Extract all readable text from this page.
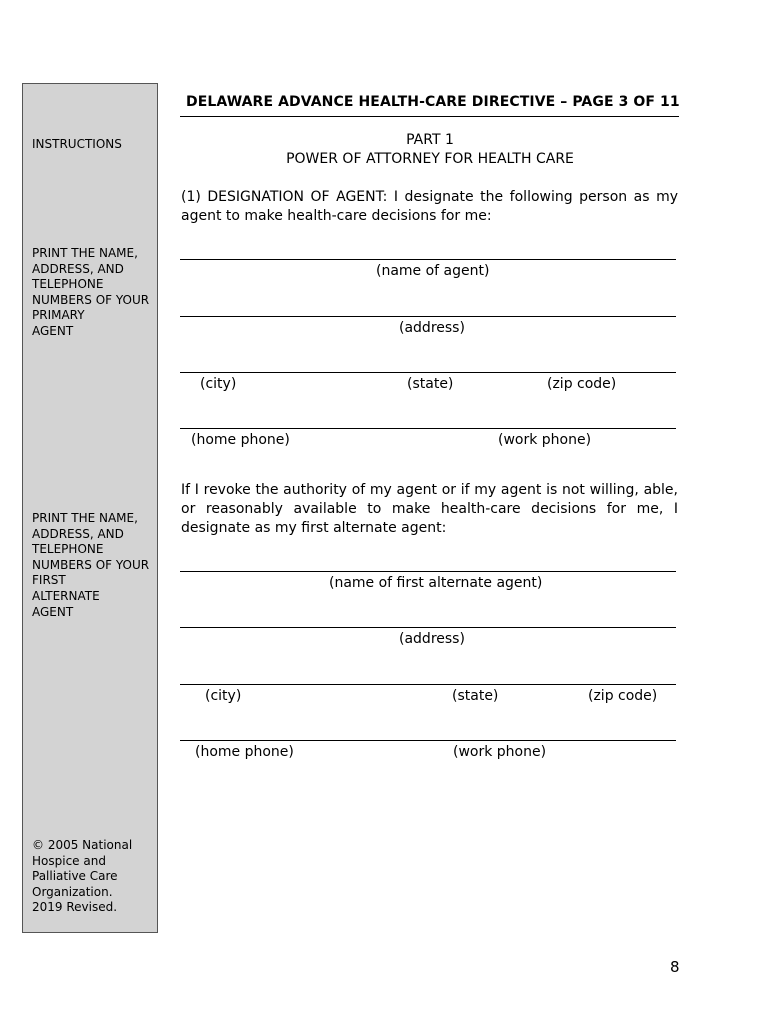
INSTRUCTIONS
PRINT THE NAME,
ADDRESS, AND
TELEPHONE
NUMBERS OF YOUR
PRIMARY
AGENT
PRINT THE NAME,
ADDRESS, AND
TELEPHONE
NUMBERS OF YOUR
FIRST
ALTERNATE
AGENT
© 2005 National
Hospice and
Palliative Care
Organization.
2019 Revised.
DELAWARE ADVANCE HEALTH-CARE DIRECTIVE – PAGE 3 OF 11
PART 1
POWER OF ATTORNEY FOR HEALTH CARE
(1) DESIGNATION OF AGENT: I designate the following person as my agent to make health-care decisions for me:
(name of agent)
(address)
(city)	(state)	(zip code)
(home phone)	(work phone)
If I revoke the authority of my agent or if my agent is not willing, able, or reasonably available to make health-care decisions for me, I designate as my first alternate agent:
(name of first alternate agent)
(address)
(city)	(state)	(zip code)
(home phone)	(work phone)
8
